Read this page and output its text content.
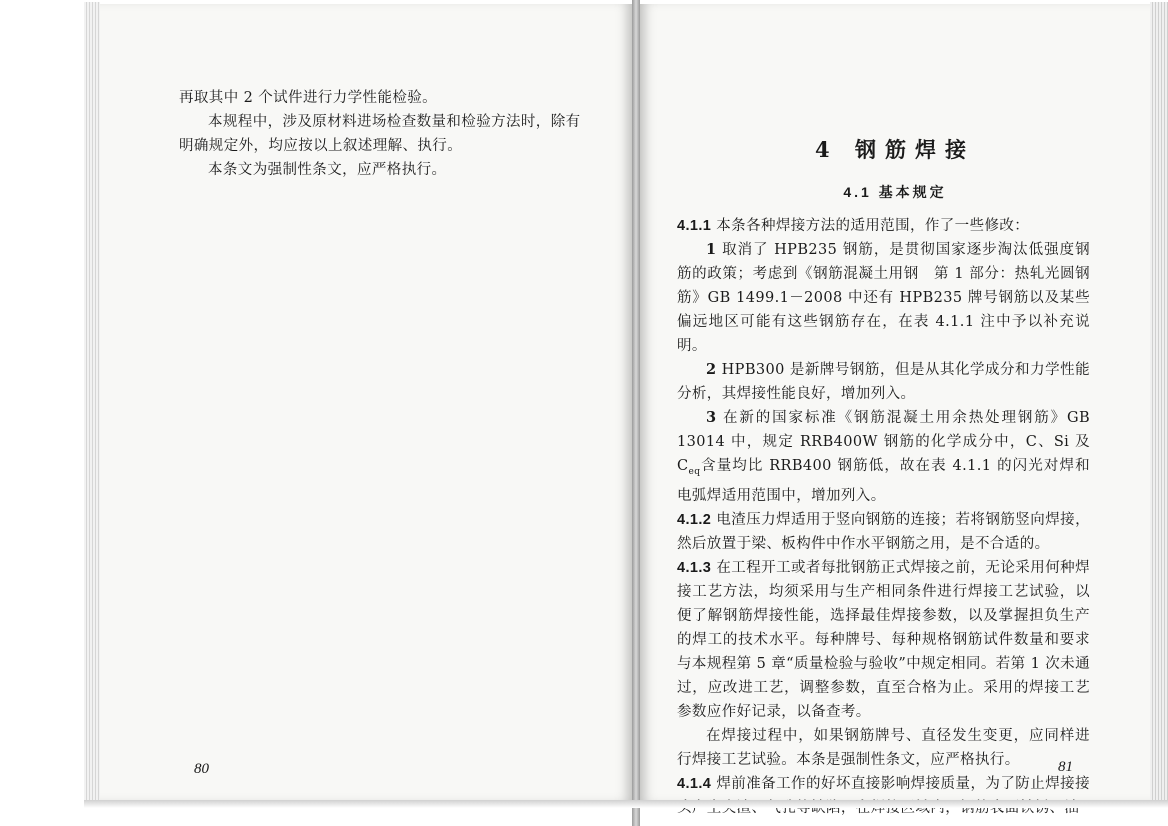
再取其中 2 个试件进行力学性能检验。

本规程中，涉及原材料进场检查数量和检验方法时，除有明确规定外，均应按以上叙述理解、执行。

本条文为强制性条文，应严格执行。

80
4 钢筋焊接
4.1 基本规定

4.1.1 本条各种焊接方法的适用范围，作了一些修改：

1 取消了 HPB235 钢筋，是贯彻国家逐步淘汰低强度钢筋的政策；考虑到《钢筋混凝土用钢　第 1 部分：热轧光圆钢筋》GB 1499.1－2008 中还有 HPB235 牌号钢筋以及某些偏远地区可能有这些钢筋存在，在表 4.1.1 注中予以补充说明。

2 HPB300 是新牌号钢筋，但是从其化学成分和力学性能分析，其焊接性能良好，增加列入。

3 在新的国家标准《钢筋混凝土用余热处理钢筋》GB 13014 中，规定 RRB400W 钢筋的化学成分中，C、Si 及 $C_{eq}$含量均比 RRB400 钢筋低，故在表 4.1.1 的闪光对焊和电弧焊适用范围中，增加列入。

4.1.2 电渣压力焊适用于竖向钢筋的连接；若将钢筋竖向焊接，然后放置于梁、板构件中作水平钢筋之用，是不合适的。

4.1.3 在工程开工或者每批钢筋正式焊接之前，无论采用何种焊接工艺方法，均须采用与生产相同条件进行焊接工艺试验，以便了解钢筋焊接性能，选择最佳焊接参数，以及掌握担负生产的焊工的技术水平。每种牌号、每种规格钢筋试件数量和要求与本规程第 5 章“质量检验与验收”中规定相同。若第 1 次未通过，应改进工艺，调整参数，直至合格为止。采用的焊接工艺参数应作好记录，以备查考。

在焊接过程中，如果钢筋牌号、直径发生变更，应同样进行焊接工艺试验。本条是强制性条文，应严格执行。

4.1.4 焊前准备工作的好坏直接影响焊接质量，为了防止焊接接

81
